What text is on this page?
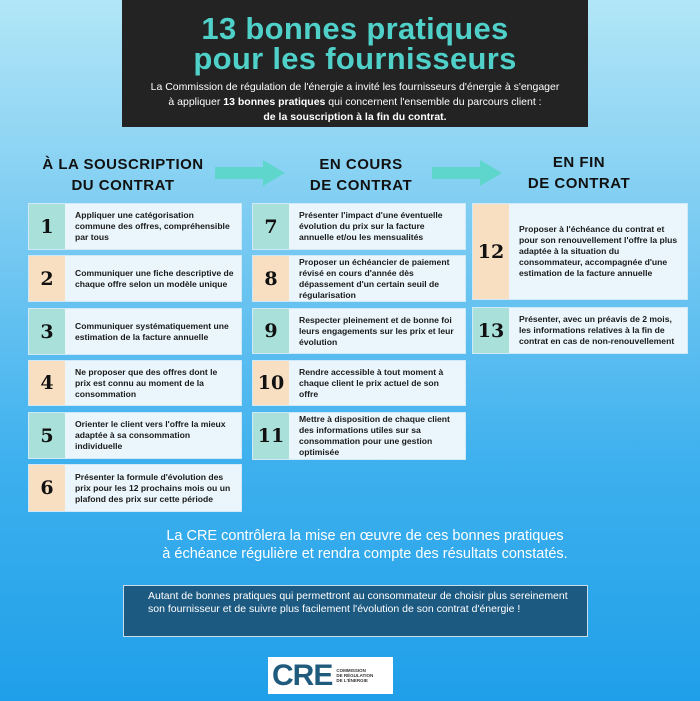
13 bonnes pratiques
pour les fournisseurs
La Commission de régulation de l'énergie a invité les fournisseurs d'énergie à s'engager
à appliquer 13 bonnes pratiques qui concernent l'ensemble du parcours client :
de la souscription à la fin du contrat.
À LA SOUSCRIPTION
DU CONTRAT
EN COURS
DE CONTRAT
EN FIN
DE CONTRAT
1
Appliquer une catégorisation commune des offres, compréhensible par tous
2	Communiquer une fiche descriptive de chaque offre selon un modèle unique
3	Communiquer systématiquement une estimation de la facture annuelle
4
Ne proposer que des offres dont le prix est connu au moment de la consommation
5
Orienter le client vers l'offre la mieux adaptée à sa consommation individuelle
6
Présenter la formule d'évolution des prix pour les 12 prochains mois ou un plafond des prix sur cette période
7
Présenter l'impact d'une éventuelle évolution du prix sur la facture annuelle et/ou les mensualités
8
Proposer un échéancier de paiement révisé en cours d'année dès dépassement d'un certain seuil de régularisation
9
Respecter pleinement et de bonne foi leurs engagements sur les prix et leur évolution
10
Rendre accessible à tout moment à chaque client le prix actuel de son offre
11
Mettre à disposition de chaque client des informations utiles sur sa consommation pour une gestion optimisée
12
Proposer à l'échéance du contrat et pour son renouvellement l'offre la plus adaptée à la situation du consommateur, accompagnée d'une estimation de la facture annuelle
13
Présenter, avec un préavis de 2 mois, les informations relatives à la fin de contrat en cas de non-renouvellement
La CRE contrôlera la mise en œuvre de ces bonnes pratiques
à échéance régulière et rendra compte des résultats constatés.
Autant de bonnes pratiques qui permettront au consommateur de choisir plus sereinement son fournisseur et de suivre plus facilement l'évolution de son contrat d'énergie !
CRE COMMISSION
DE RÉGULATION
DE L'ÉNERGIE
